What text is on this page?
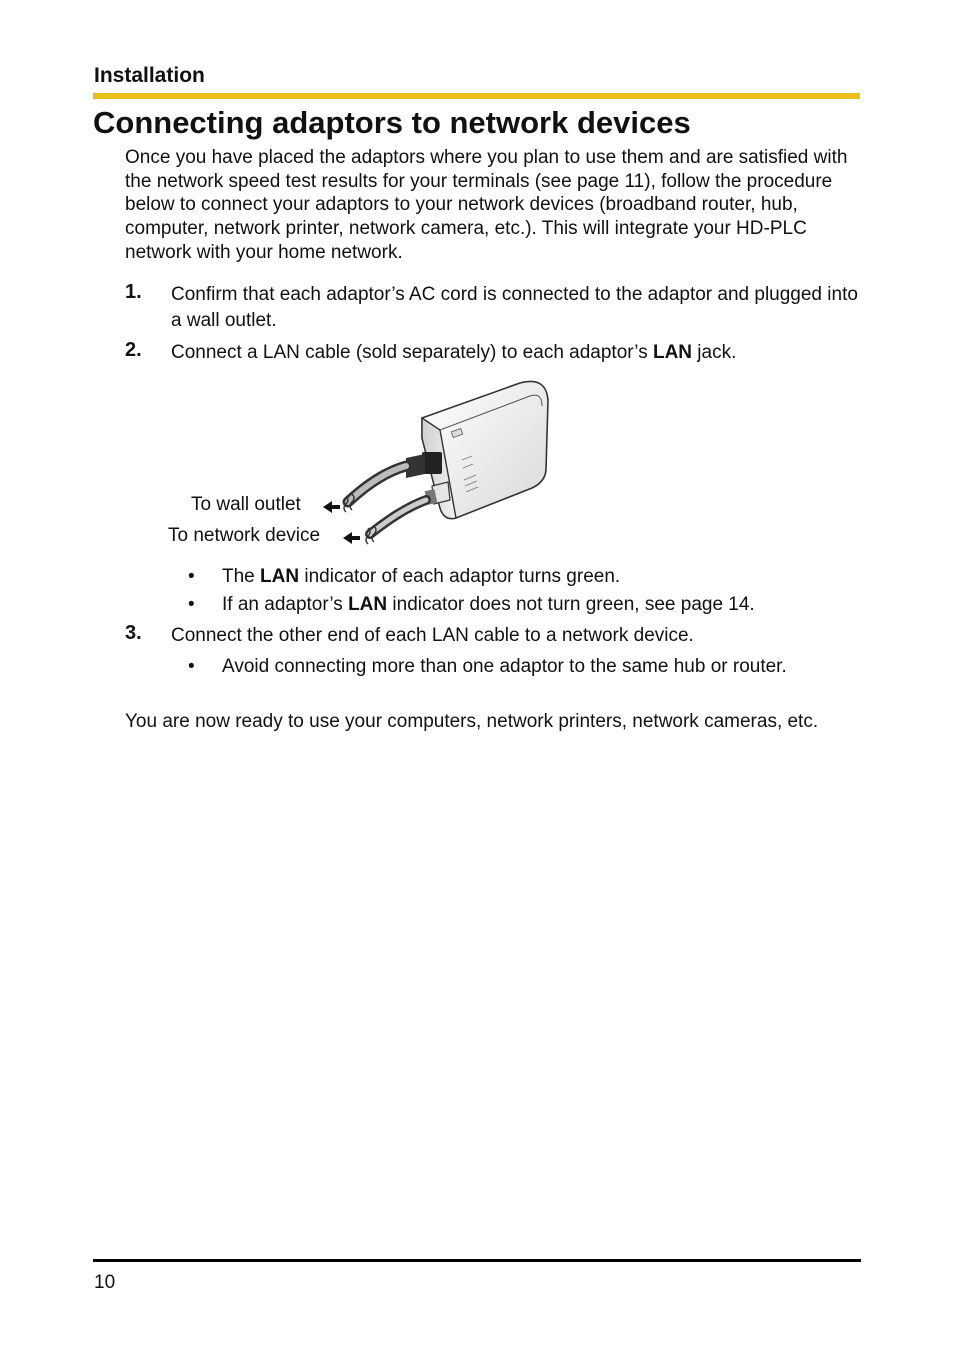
Installation
Connecting adaptors to network devices
Once you have placed the adaptors where you plan to use them and are satisfied with the network speed test results for your terminals (see page 11), follow the procedure below to connect your adaptors to your network devices (broadband router, hub, computer, network printer, network camera, etc.). This will integrate your HD-PLC network with your home network.
1. Confirm that each adaptor’s AC cord is connected to the adaptor and plugged into a wall outlet.
2. Connect a LAN cable (sold separately) to each adaptor’s LAN jack.
To wall outlet
To network device
• The LAN indicator of each adaptor turns green.
• If an adaptor’s LAN indicator does not turn green, see page 14.
3. Connect the other end of each LAN cable to a network device.
• Avoid connecting more than one adaptor to the same hub or router.
You are now ready to use your computers, network printers, network cameras, etc.
10
